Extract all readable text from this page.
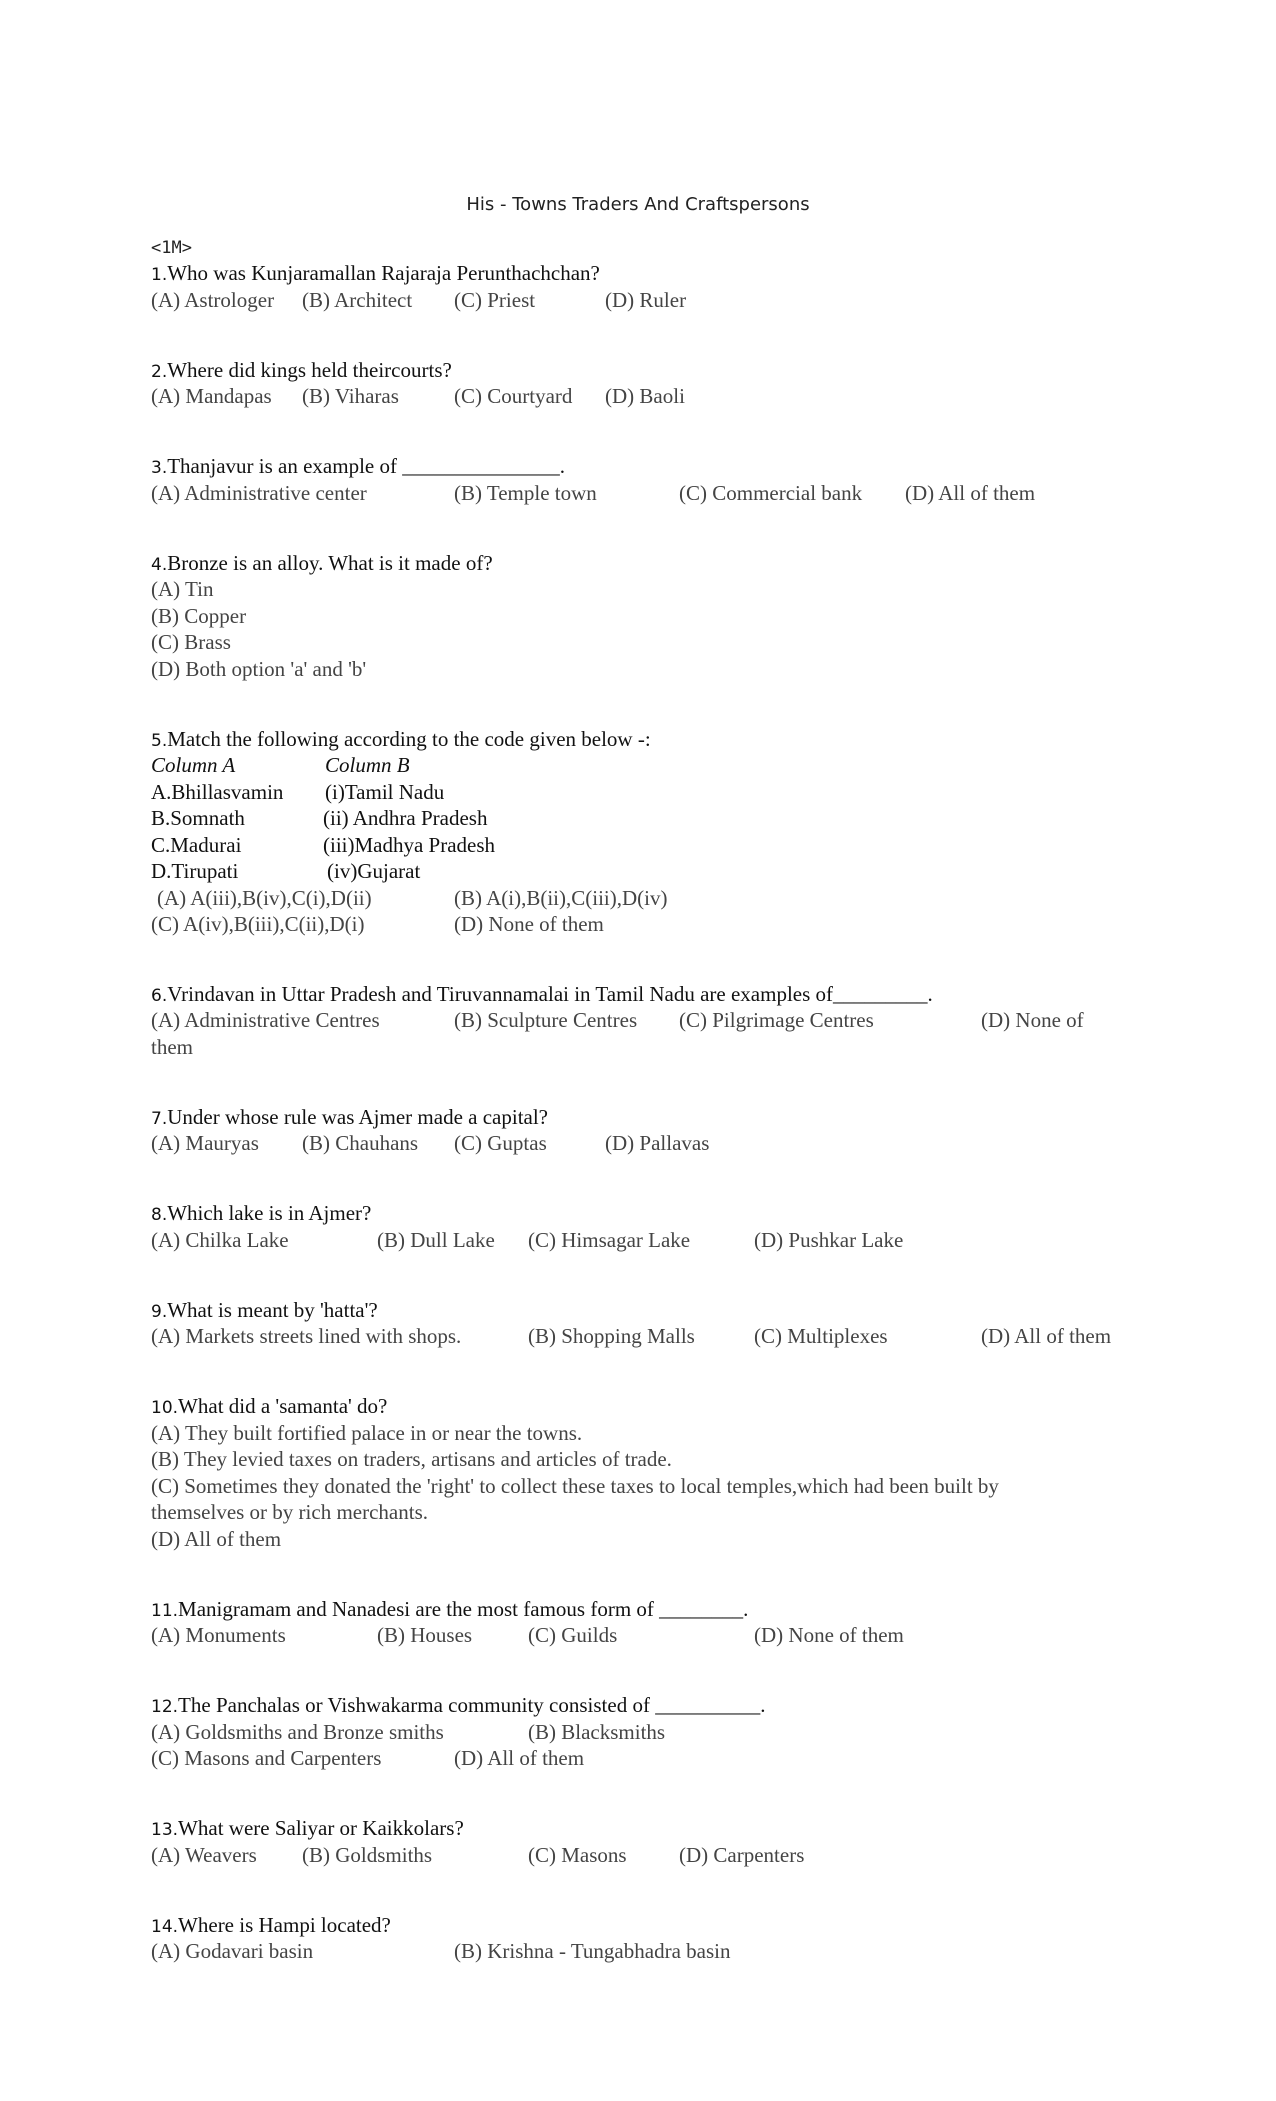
His - Towns Traders And Craftspersons
<1M>
1.Who was Kunjaramallan Rajaraja Perunthachchan?
(A) Astrologer (B) Architect (C) Priest	(D) Ruler
2.Where did kings held theircourts?
(A) Mandapas (B) Viharas	(C) Courtyard (D) Baoli
3.Thanjavur is an example of _______________.
(A) Administrative center	(B) Temple town	(C) Commercial bank (D) All of them
4.Bronze is an alloy. What is it made of?
(A) Tin
(B) Copper
(C) Brass
(D) Both option 'a' and 'b'
5.Match the following according to the code given below -:
Column A	Column B
A.Bhillasvamin (i)Tamil Nadu
B.Somnath	(ii) Andhra Pradesh
C.Madurai	(iii)Madhya Pradesh
D.Tirupati	(iv)Gujarat
(A) A(iii),B(iv),C(i),D(ii)	(B) A(i),B(ii),C(iii),D(iv)
(C) A(iv),B(iii),C(ii),D(i)	(D) None of them
6.Vrindavan in Uttar Pradesh and Tiruvannamalai in Tamil Nadu are examples of_________.
(A) Administrative Centres	(B) Sculpture Centres (C) Pilgrimage Centres	(D) None of
them
7.Under whose rule was Ajmer made a capital?
(A) Mauryas (B) Chauhans (C) Guptas	(D) Pallavas
8.Which lake is in Ajmer?
(A) Chilka Lake	(B) Dull Lake (C) Himsagar Lake	(D) Pushkar Lake
9.What is meant by 'hatta'?
(A) Markets streets lined with shops.	(B) Shopping Malls	(C) Multiplexes	(D) All of them
10.What did a 'samanta' do?
(A) They built fortified palace in or near the towns.
(B) They levied taxes on traders, artisans and articles of trade.
(C) Sometimes they donated the 'right' to collect these taxes to local temples,which had been built by
themselves or by rich merchants.
(D) All of them
11.Manigramam and Nanadesi are the most famous form of ________.
(A) Monuments	(B) Houses	(C) Guilds	(D) None of them
12.The Panchalas or Vishwakarma community consisted of __________.
(A) Goldsmiths and Bronze smiths	(B) Blacksmiths
(C) Masons and Carpenters	(D) All of them
13.What were Saliyar or Kaikkolars?
(A) Weavers (B) Goldsmiths	(C) Masons (D) Carpenters
14.Where is Hampi located?
(A) Godavari basin	(B) Krishna - Tungabhadra basin
